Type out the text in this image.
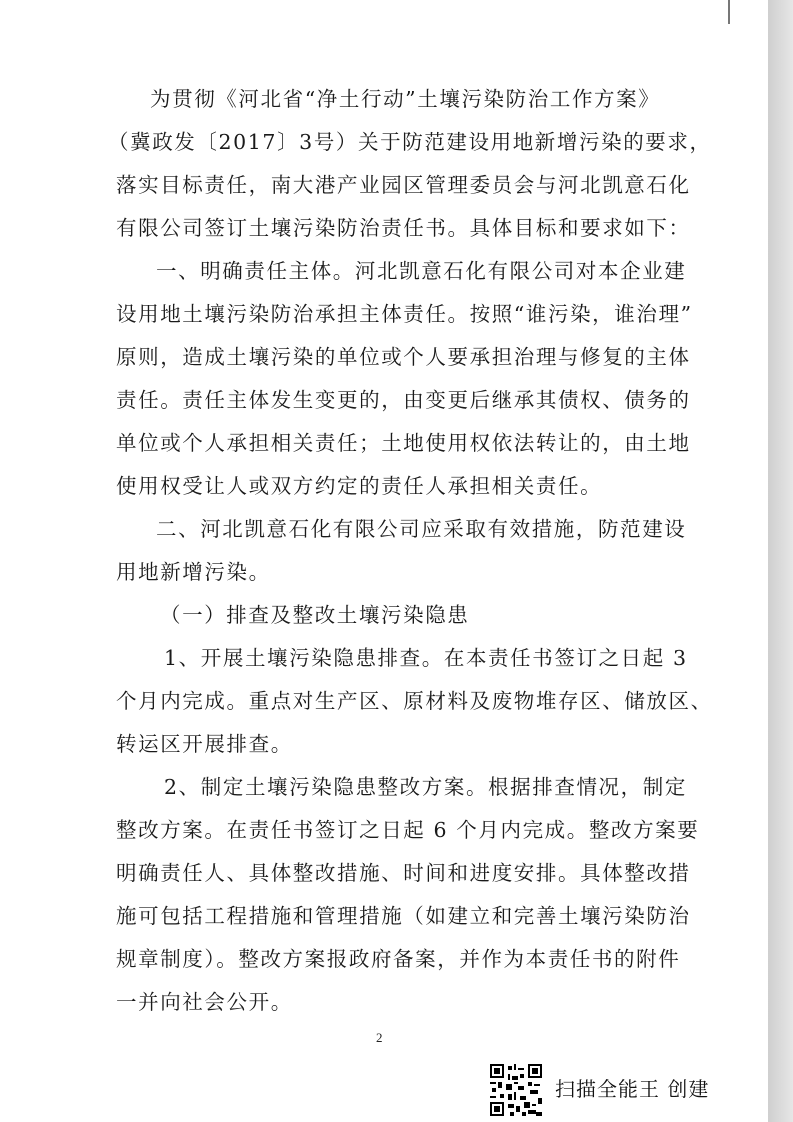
为贯彻《河北省“净土行动”土壤污染防治工作方案》
（冀政发〔2017〕3号）关于防范建设用地新增污染的要求，
落实目标责任，南大港产业园区管理委员会与河北凯意石化
有限公司签订土壤污染防治责任书。具体目标和要求如下：
一、明确责任主体。河北凯意石化有限公司对本企业建
设用地土壤污染防治承担主体责任。按照“谁污染，谁治理”
原则，造成土壤污染的单位或个人要承担治理与修复的主体
责任。责任主体发生变更的，由变更后继承其债权、债务的
单位或个人承担相关责任；土地使用权依法转让的，由土地
使用权受让人或双方约定的责任人承担相关责任。
二、河北凯意石化有限公司应采取有效措施，防范建设
用地新增污染。
（一）排查及整改土壤污染隐患
1、开展土壤污染隐患排查。在本责任书签订之日起 3
个月内完成。重点对生产区、原材料及废物堆存区、储放区、
转运区开展排查。
2、制定土壤污染隐患整改方案。根据排查情况，制定
整改方案。在责任书签订之日起 6 个月内完成。整改方案要
明确责任人、具体整改措施、时间和进度安排。具体整改措
施可包括工程措施和管理措施（如建立和完善土壤污染防治
规章制度）。整改方案报政府备案，并作为本责任书的附件
一并向社会公开。
2
扫描全能王 创建
